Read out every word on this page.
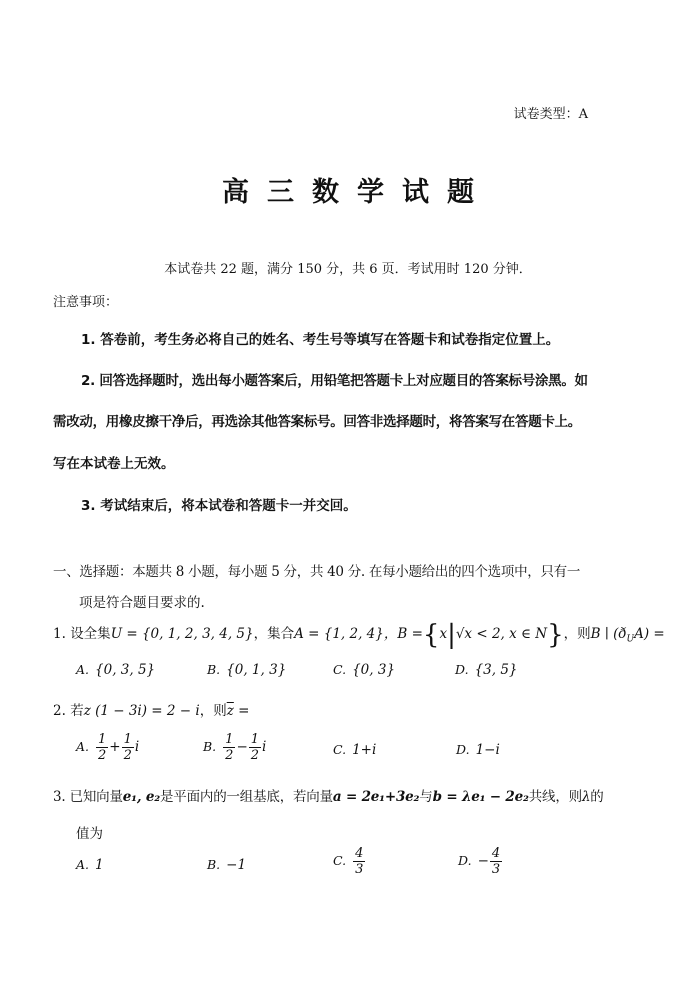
试卷类型：A
高三数学试题
本试卷共 22 题，满分 150 分，共 6 页．考试用时 120 分钟．
注意事项：
1. 答卷前，考生务必将自己的姓名、考生号等填写在答题卡和试卷指定位置上。
2. 回答选择题时，选出每小题答案后，用铅笔把答题卡上对应题目的答案标号涂黑。如
需改动，用橡皮擦干净后，再选涂其他答案标号。回答非选择题时，将答案写在答题卡上。
写在本试卷上无效。
3. 考试结束后，将本试卷和答题卡一并交回。
一、选择题：本题共 8 小题，每小题 5 分，共 40 分. 在每小题给出的四个选项中，只有一
项是符合题目要求的.
1. 设全集U = {0, 1, 2, 3, 4, 5}，集合A = {1, 2, 4}，B ={x|√x < 2, x ∈ N}，则B ∣ $(ð_UA)$ =
A. {0, 3, 5}	B. {0, 1, 3}	C. {0, 3}	D. {3, 5}
2. 若z (1 − 3i) = 2 − i，则$\overline{z}$ =
A. $\frac{1}{2} + \frac{1}{2}$ i	B. $\frac{1}{2} - \frac{1}{2}$ i	C. 1+i	D. 1−i
3. 已知向量e₁, e₂是平面内的一组基底，若向量a = 2e₁+3e₂与b = λe₁ − 2e₂共线，则λ的
值为
A. 1	B. −1	C. $\frac{4}{3}$	D. − $\frac{4}{3}$
